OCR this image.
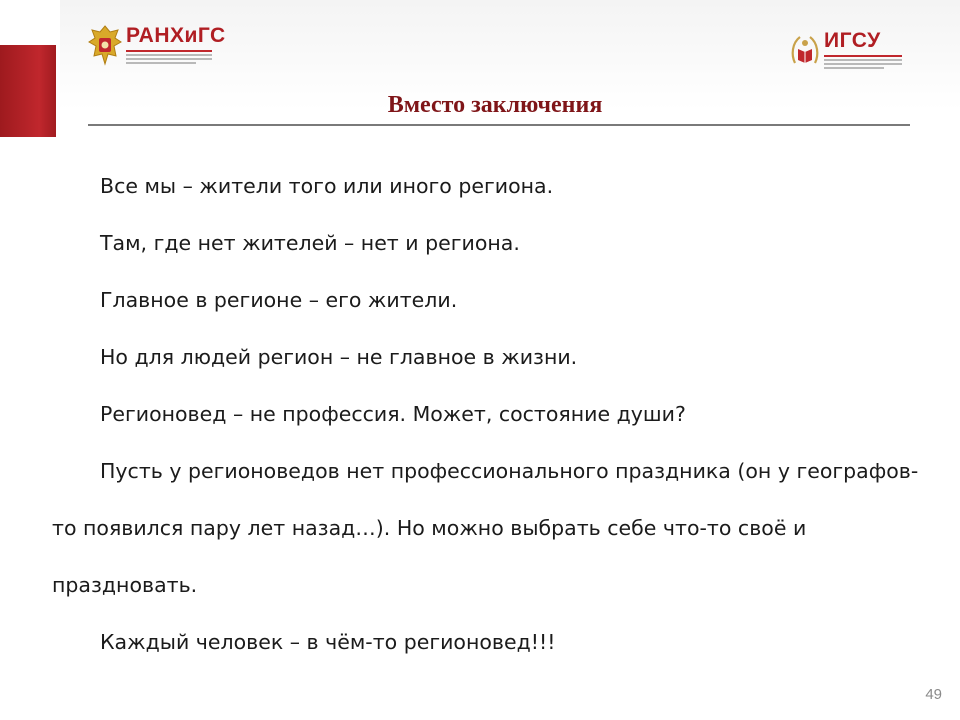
РАНХиГС	ИГСУ
Вместо заключения

Все мы – жители того или иного региона.

Там, где нет жителей – нет и региона.

Главное в регионе – его жители.

Но для людей регион – не главное в жизни.

Регионовед – не профессия. Может, состояние души?

Пусть у регионоведов нет профессионального праздника (он у географов-то появился пару лет назад…). Но можно выбрать себе что-то своё и праздновать.

Каждый человек – в чём-то регионовед!!!

49
